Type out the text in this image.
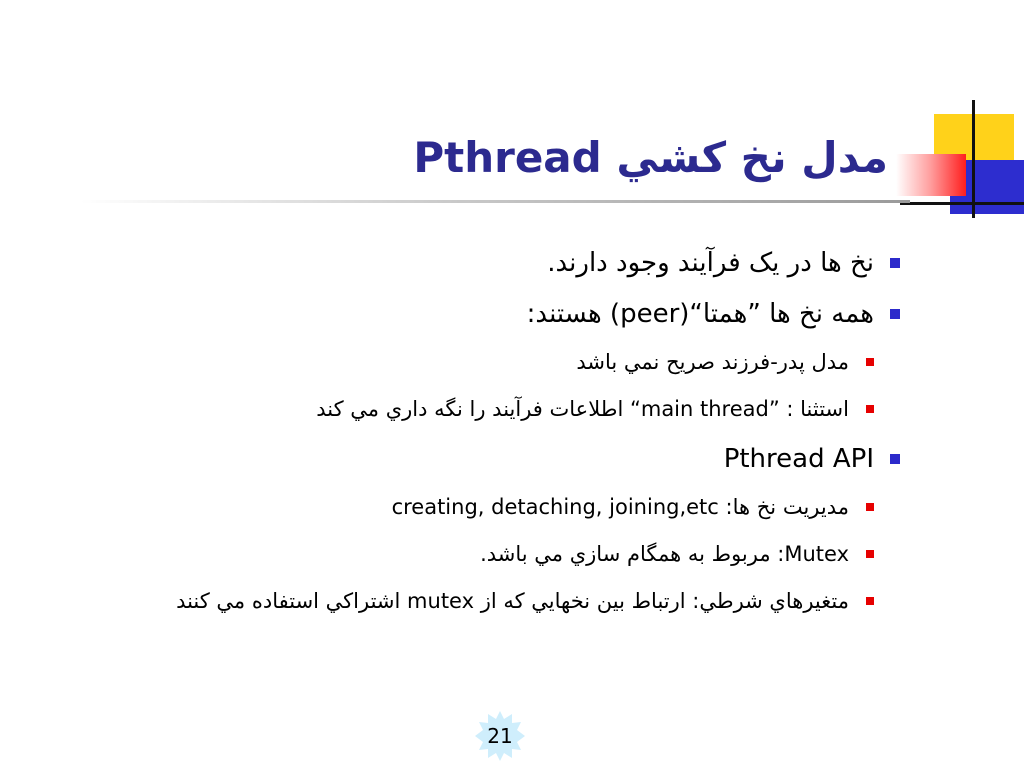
مدل نخ کشي Pthread

نخ ها در يک فرآيند وجود دارند.

همه نخ ها ”همتا“(peer) هستند:

مدل پدر-فرزند صريح نمي باشد

استثنا : ”main thread“ اطلاعات فرآيند را نگه داري مي کند

Pthread API

مديريت نخ ها: creating, detaching, joining,etc

Mutex: مربوط به همگام سازي مي باشد.

متغيرهاي شرطي: ارتباط بين نخهايي که از mutex اشتراکي استفاده مي کنند

21
